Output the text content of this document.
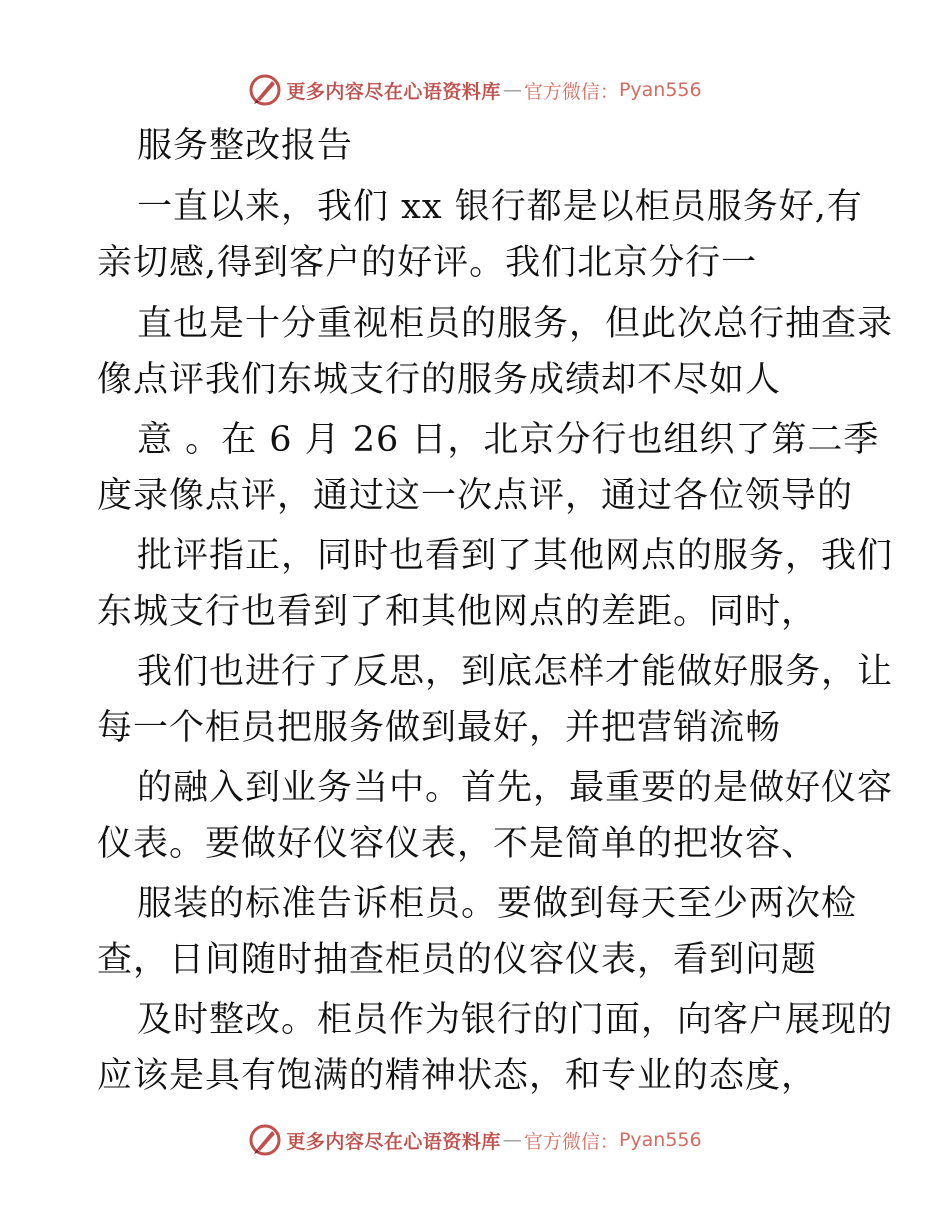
更多内容尽在心语资料库 — 官方微信： Pyan556
服务整改报告
一直以来，我们 xx 银行都是以柜员服务好,有
亲切感,得到客户的好评。我们北京分行一
直也是十分重视柜员的服务，但此次总行抽查录
像点评我们东城支行的服务成绩却不尽如人
意 。在 6 月 26 日，北京分行也组织了第二季
度录像点评，通过这一次点评，通过各位领导的
批评指正，同时也看到了其他网点的服务，我们
东城支行也看到了和其他网点的差距。同时，
我们也进行了反思，到底怎样才能做好服务，让
每一个柜员把服务做到最好，并把营销流畅
的融入到业务当中。首先，最重要的是做好仪容
仪表。要做好仪容仪表，不是简单的把妆容、
服装的标准告诉柜员。要做到每天至少两次检
查，日间随时抽查柜员的仪容仪表，看到问题
及时整改。柜员作为银行的门面，向客户展现的
应该是具有饱满的精神状态，和专业的态度，
更多内容尽在心语资料库 — 官方微信： Pyan556
